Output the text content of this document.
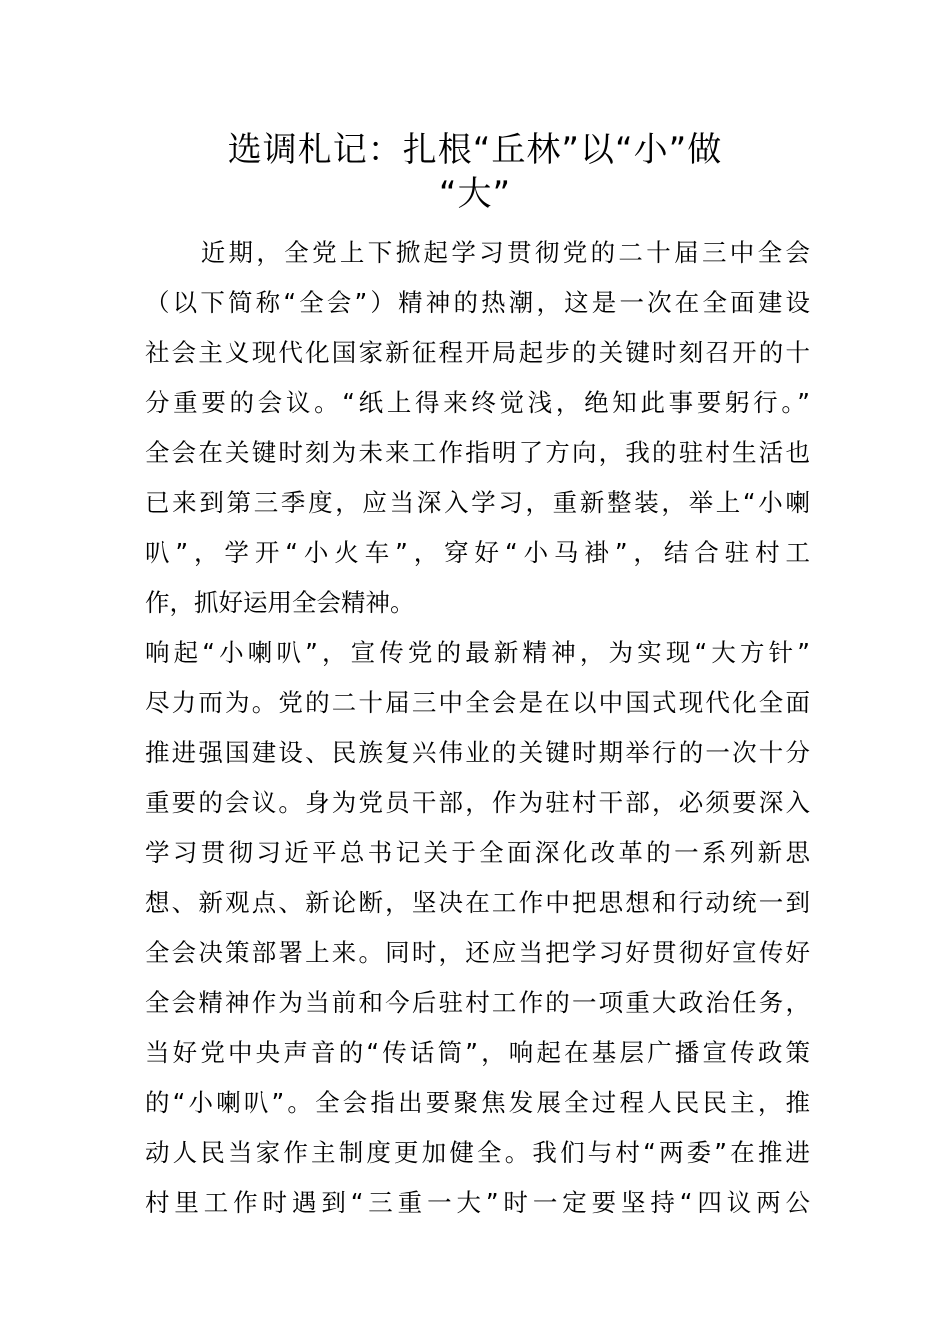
选调札记：扎根“丘林”以“小”做
“大”
　　近期，全党上下掀起学习贯彻党的二十届三中全会
（以下简称“全会”）精神的热潮，这是一次在全面建设
社会主义现代化国家新征程开局起步的关键时刻召开的十
分重要的会议。“纸上得来终觉浅，绝知此事要躬行。”
全会在关键时刻为未来工作指明了方向，我的驻村生活也
已来到第三季度，应当深入学习，重新整装，举上“小喇
叭”，学开“小火车”，穿好“小马褂”，结合驻村工
作，抓好运用全会精神。
响起“小喇叭”，宣传党的最新精神，为实现“大方针”
尽力而为。党的二十届三中全会是在以中国式现代化全面
推进强国建设、民族复兴伟业的关键时期举行的一次十分
重要的会议。身为党员干部，作为驻村干部，必须要深入
学习贯彻习近平总书记关于全面深化改革的一系列新思
想、新观点、新论断，坚决在工作中把思想和行动统一到
全会决策部署上来。同时，还应当把学习好贯彻好宣传好
全会精神作为当前和今后驻村工作的一项重大政治任务，
当好党中央声音的“传话筒”，响起在基层广播宣传政策
的“小喇叭”。全会指出要聚焦发展全过程人民民主，推
动人民当家作主制度更加健全。我们与村“两委”在推进
村里工作时遇到“三重一大”时一定要坚持“四议两公
